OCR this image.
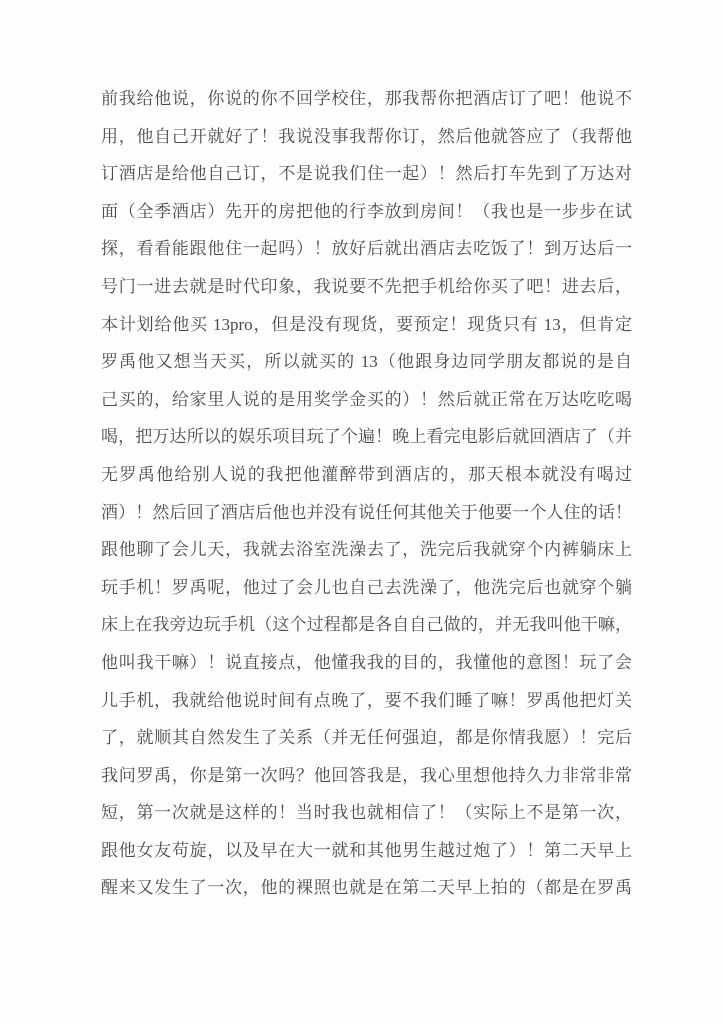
前我给他说，你说的你不回学校住，那我帮你把酒店订了吧！他说不
用，他自己开就好了！我说没事我帮你订，然后他就答应了（我帮他
订酒店是给他自己订，不是说我们住一起）！然后打车先到了万达对
面（全季酒店）先开的房把他的行李放到房间！（我也是一步步在试
探，看看能跟他住一起吗）！放好后就出酒店去吃饭了！到万达后一
号门一进去就是时代印象，我说要不先把手机给你买了吧！进去后，
本计划给他买 13pro，但是没有现货，要预定！现货只有 13，但肯定
罗禹他又想当天买，所以就买的 13（他跟身边同学朋友都说的是自
己买的，给家里人说的是用奖学金买的）！然后就正常在万达吃吃喝
喝，把万达所以的娱乐项目玩了个遍！晚上看完电影后就回酒店了（并
无罗禹他给别人说的我把他灌醉带到酒店的，那天根本就没有喝过
酒）！然后回了酒店后他也并没有说任何其他关于他要一个人住的话！
跟他聊了会儿天，我就去浴室洗澡去了，洗完后我就穿个内裤躺床上
玩手机！罗禹呢，他过了会儿也自己去洗澡了，他洗完后也就穿个躺
床上在我旁边玩手机（这个过程都是各自自己做的，并无我叫他干嘛，
他叫我干嘛）！说直接点，他懂我我的目的，我懂他的意图！玩了会
儿手机，我就给他说时间有点晚了，要不我们睡了嘛！罗禹他把灯关
了，就顺其自然发生了关系（并无任何强迫，都是你情我愿）！完后
我问罗禹，你是第一次吗？他回答我是，我心里想他持久力非常非常
短，第一次就是这样的！当时我也就相信了！（实际上不是第一次，
跟他女友苟旋，以及早在大一就和其他男生越过炮了）！第二天早上
醒来又发生了一次，他的裸照也就是在第二天早上拍的（都是在罗禹
